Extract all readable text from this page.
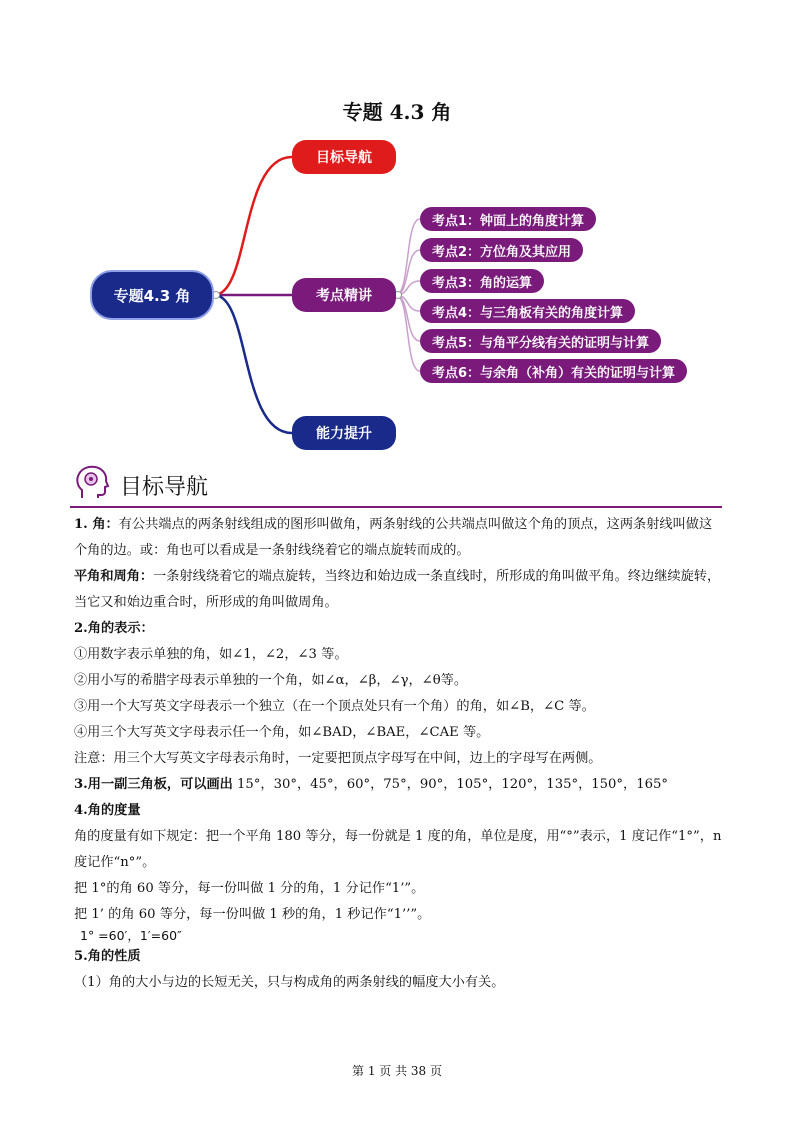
专题 4.3 角
专题4.3 角
目标导航
考点精讲
能力提升
考点1：钟面上的角度计算
考点2：方位角及其应用
考点3：角的运算
考点4：与三角板有关的角度计算
考点5：与角平分线有关的证明与计算
考点6：与余角（补角）有关的证明与计算
目标导航

1. 角：有公共端点的两条射线组成的图形叫做角，两条射线的公共端点叫做这个角的顶点，这两条射线叫做这个角的边。或：角也可以看成是一条射线绕着它的端点旋转而成的。

平角和周角：一条射线绕着它的端点旋转，当终边和始边成一条直线时，所形成的角叫做平角。终边继续旋转，当它又和始边重合时，所形成的角叫做周角。

2.角的表示：

①用数字表示单独的角，如∠1，∠2，∠3 等。

②用小写的希腊字母表示单独的一个角，如∠α，∠β，∠γ，∠θ等。

③用一个大写英文字母表示一个独立（在一个顶点处只有一个角）的角，如∠B，∠C 等。

④用三个大写英文字母表示任一个角，如∠BAD，∠BAE，∠CAE 等。

注意：用三个大写英文字母表示角时，一定要把顶点字母写在中间，边上的字母写在两侧。

3.用一副三角板，可以画出 15°，30°，45°，60°，75°，90°，105°，120°，135°，150°，165°

4.角的度量

角的度量有如下规定：把一个平角 180 等分，每一份就是 1 度的角，单位是度，用“°”表示，1 度记作“1°”，n 度记作“n°”。

把 1°的角 60 等分，每一份叫做 1 分的角，1 分记作“1’”。

把 1’ 的角 60 等分，每一份叫做 1 秒的角，1 秒记作“1’’”。

1° =60′，1′=60″

5.角的性质

（1）角的大小与边的长短无关，只与构成角的两条射线的幅度大小有关。

第 1 页 共 38 页
